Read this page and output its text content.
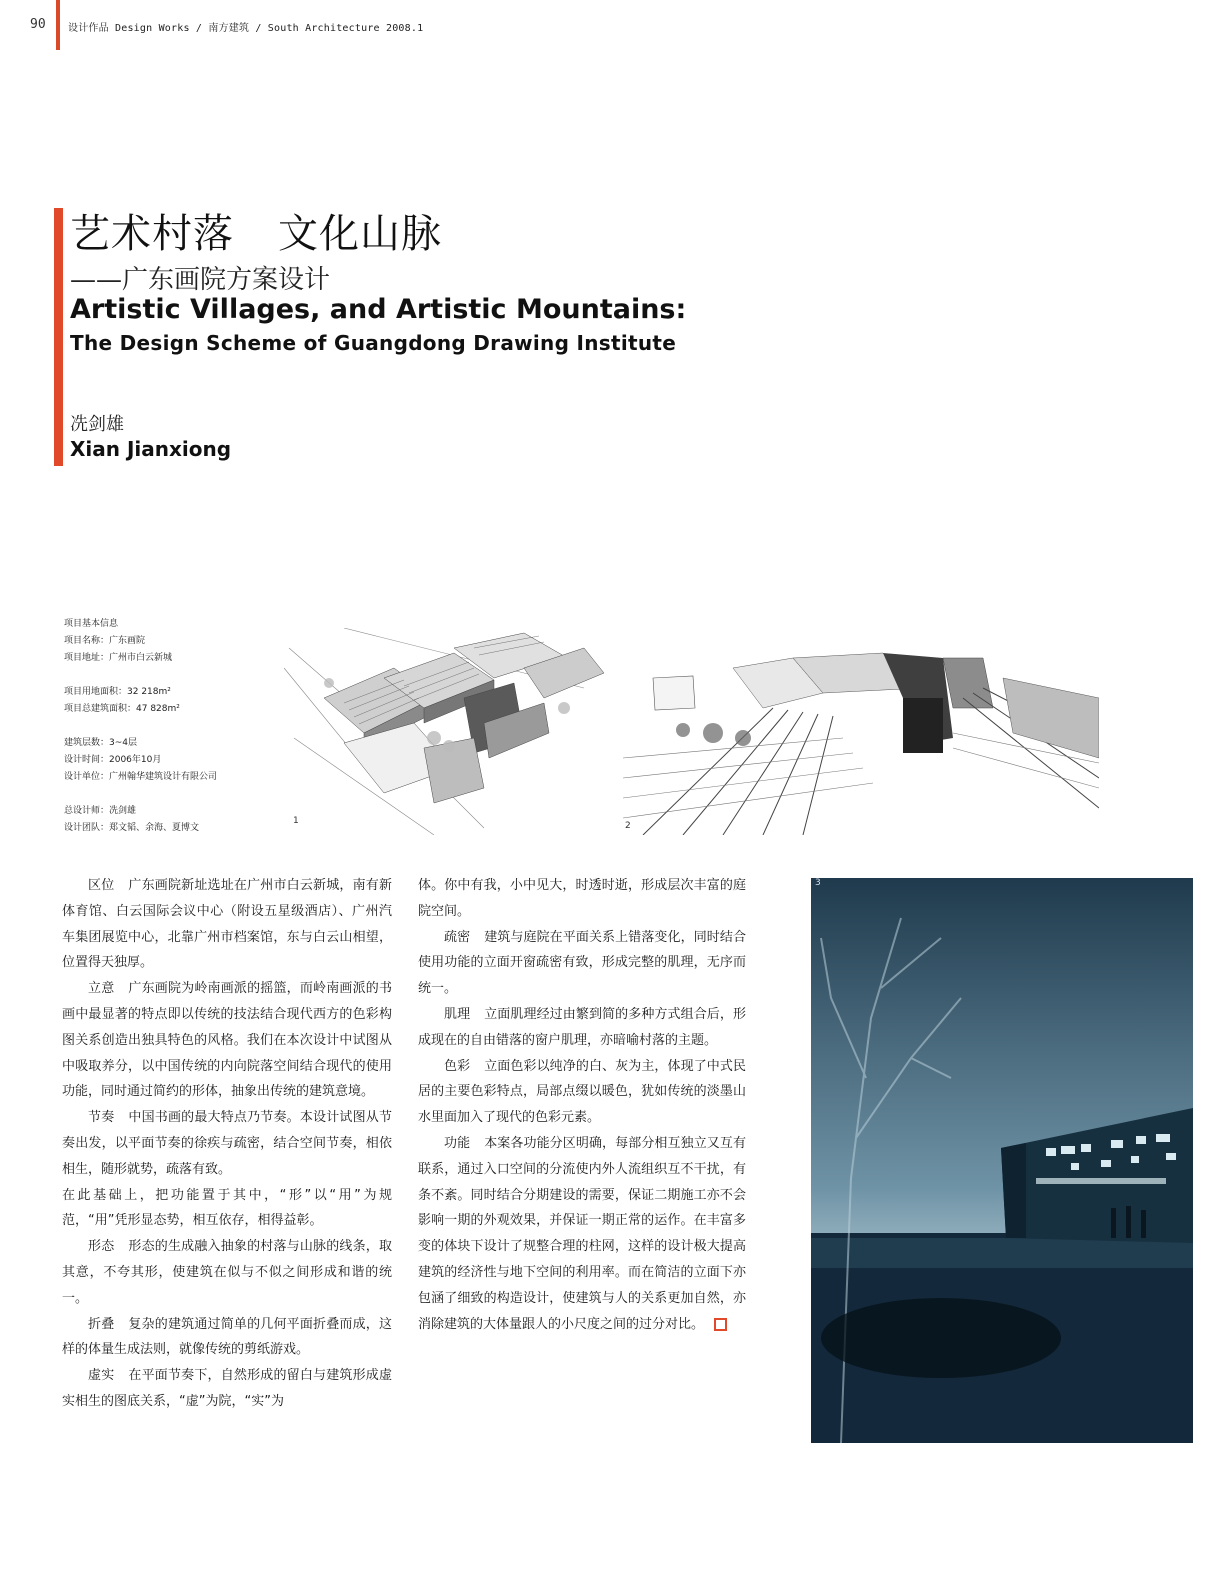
90 设计作品 Design Works / 南方建筑 / South Architecture 2008.1
艺术村落 文化山脉
——广东画院方案设计
Artistic Villages, and Artistic Mountains:
The Design Scheme of Guangdong Drawing Institute
冼剑雄
Xian Jianxiong
项目基本信息
项目名称：广东画院
项目地址：广州市白云新城
项目用地面积：32 218m²
项目总建筑面积：47 828m²
建筑层数：3~4层
设计时间：2006年10月
设计单位：广州翰华建筑设计有限公司
总设计师：冼剑雄
设计团队：郑文韬、余海、夏博文
1	2
3

区位 广东画院新址选址在广州市白云新城，南有新体育馆、白云国际会议中心（附设五星级酒店）、广州汽车集团展览中心，北靠广州市档案馆，东与白云山相望，位置得天独厚。

立意 广东画院为岭南画派的摇篮，而岭南画派的书画中最显著的特点即以传统的技法结合现代西方的色彩构图关系创造出独具特色的风格。我们在本次设计中试图从中吸取养分，以中国传统的内向院落空间结合现代的使用功能，同时通过简约的形体，抽象出传统的建筑意境。

节奏 中国书画的最大特点乃节奏。本设计试图从节奏出发，以平面节奏的徐疾与疏密，结合空间节奏，相依相生，随形就势，疏落有致。

在此基础上，把功能置于其中，“形”以“用”为规范，“用”凭形显态势，相互依存，相得益彰。

形态 形态的生成融入抽象的村落与山脉的线条，取其意，不夸其形，使建筑在似与不似之间形成和谐的统一。

折叠 复杂的建筑通过简单的几何平面折叠而成，这样的体量生成法则，就像传统的剪纸游戏。

虚实 在平面节奏下，自然形成的留白与建筑形成虚实相生的图底关系，“虚”为院，“实”为

体。你中有我，小中见大，时透时逝，形成层次丰富的庭院空间。

疏密 建筑与庭院在平面关系上错落变化，同时结合使用功能的立面开窗疏密有致，形成完整的肌理，无序而统一。

肌理 立面肌理经过由繁到简的多种方式组合后，形成现在的自由错落的窗户肌理，亦暗喻村落的主题。

色彩 立面色彩以纯净的白、灰为主，体现了中式民居的主要色彩特点，局部点缀以暖色，犹如传统的淡墨山水里面加入了现代的色彩元素。

功能 本案各功能分区明确，每部分相互独立又互有联系，通过入口空间的分流使内外人流组织互不干扰，有条不紊。同时结合分期建设的需要，保证二期施工亦不会影响一期的外观效果，并保证一期正常的运作。在丰富多变的体块下设计了规整合理的柱网，这样的设计极大提高建筑的经济性与地下空间的利用率。而在简洁的立面下亦包涵了细致的构造设计，使建筑与人的关系更加自然，亦消除建筑的大体量跟人的小尺度之间的过分对比。
